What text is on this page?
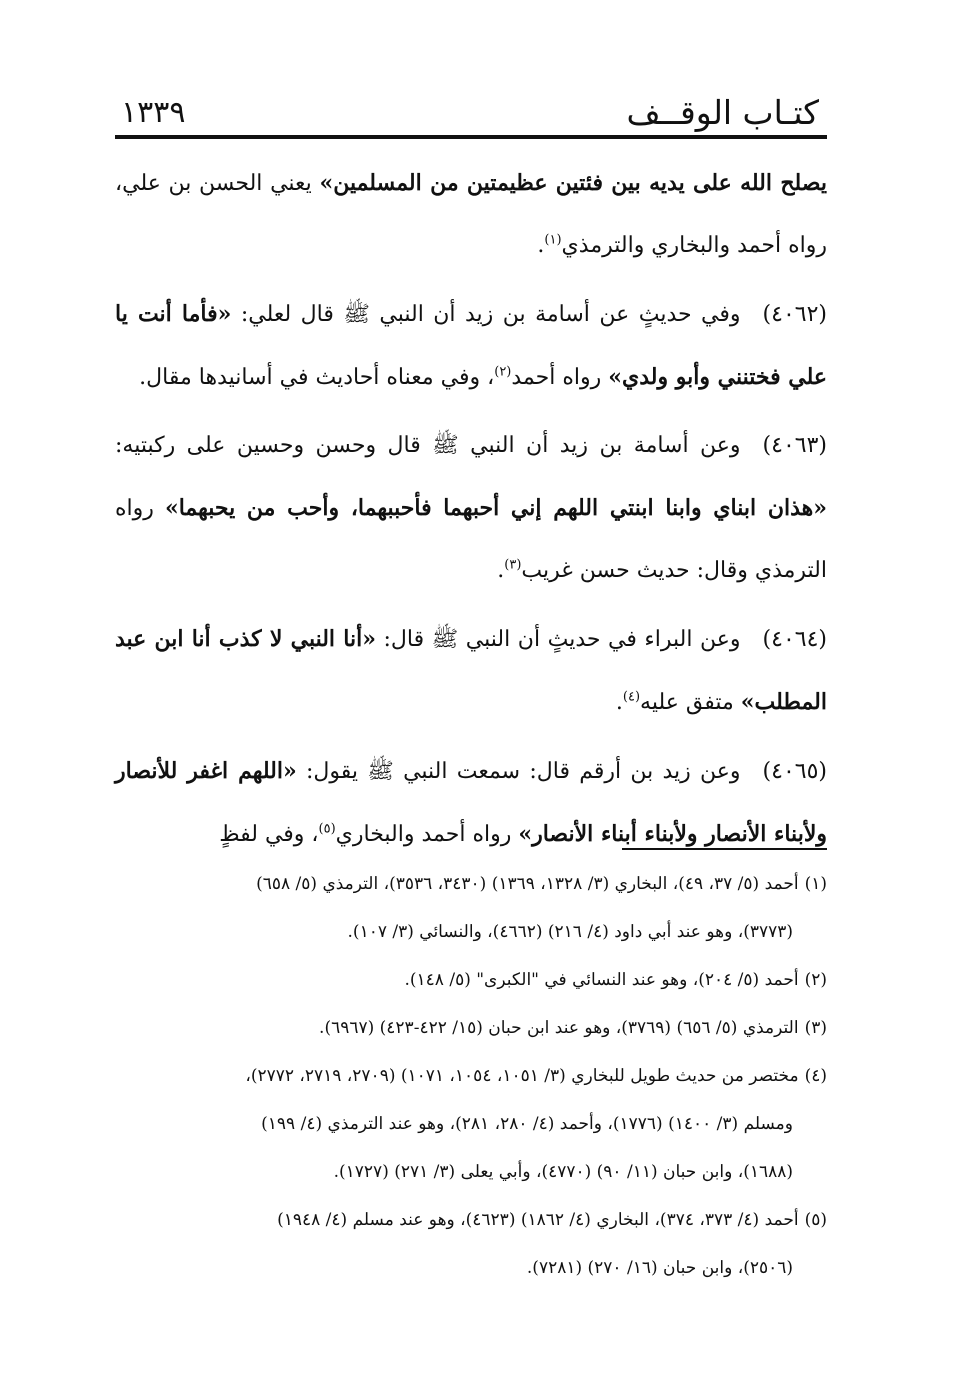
كتـاب الوقــف
١٣٣٩

يصلح الله على يديه بين فئتين عظيمتين من المسلمين» يعني الحسن بن علي، رواه أحمد والبخاري والترمذي$^{(١)}$.

(٤٠٦٢)وفي حديثٍ عن أسامة بن زيد أن النبي ﷺ قال لعلي: «فأما أنت يا علي فختنني وأبو ولدي» رواه أحمد$^{(٢)}$، وفي معناه أحاديث في أسانيدها مقال.

(٤٠٦٣)وعن أسامة بن زيد أن النبي ﷺ قال وحسن وحسين على ركبتيه: «هذان ابناي وابنا ابنتي اللهم إني أحبهما فأحببهما، وأحب من يحبهما» رواه الترمذي وقال: حديث حسن غريب$^{(٣)}$.

(٤٠٦٤)وعن البراء في حديثٍ أن النبي ﷺ قال: «أنا النبي لا كذب أنا ابن عبد المطلب» متفق عليه$^{(٤)}$.

(٤٠٦٥)وعن زيد بن أرقم قال: سمعت النبي ﷺ يقول: «اللهم اغفر للأنصار ولأبناء الأنصار ولأبناء أبناء الأنصار» رواه أحمد والبخاري$^{(٥)}$، وفي لفظٍ

(١)أحمد (٥/ ٣٧، ٤٩)، البخاري (٣/ ١٣٢٨، ١٣٦٩) (٣٤٣٠، ٣٥٣٦)، الترمذي (٥/ ٦٥٨)

(٣٧٧٣)، وهو عند أبي داود (٤/ ٢١٦) (٤٦٦٢)، والنسائي (٣/ ١٠٧).

(٢)أحمد (٥/ ٢٠٤)، وهو عند النسائي في "الكبرى" (٥/ ١٤٨).

(٣)الترمذي (٥/ ٦٥٦) (٣٧٦٩)، وهو عند ابن حبان (١٥/ ٤٢٢-٤٢٣) (٦٩٦٧).

(٤)مختصر من حديث طويل للبخاري (٣/ ١٠٥١، ١٠٥٤، ١٠٧١) (٢٧٠٩، ٢٧١٩، ٢٧٧٢)،

ومسلم (٣/ ١٤٠٠) (١٧٧٦)، وأحمد (٤/ ٢٨٠، ٢٨١)، وهو عند الترمذي (٤/ ١٩٩)

(١٦٨٨)، وابن حبان (١١/ ٩٠) (٤٧٧٠)، وأبي يعلى (٣/ ٢٧١) (١٧٢٧).

(٥)أحمد (٤/ ٣٧٣، ٣٧٤)، البخاري (٤/ ١٨٦٢) (٤٦٢٣)، وهو عند مسلم (٤/ ١٩٤٨)

(٢٥٠٦)، وابن حبان (١٦/ ٢٧٠) (٧٢٨١).
